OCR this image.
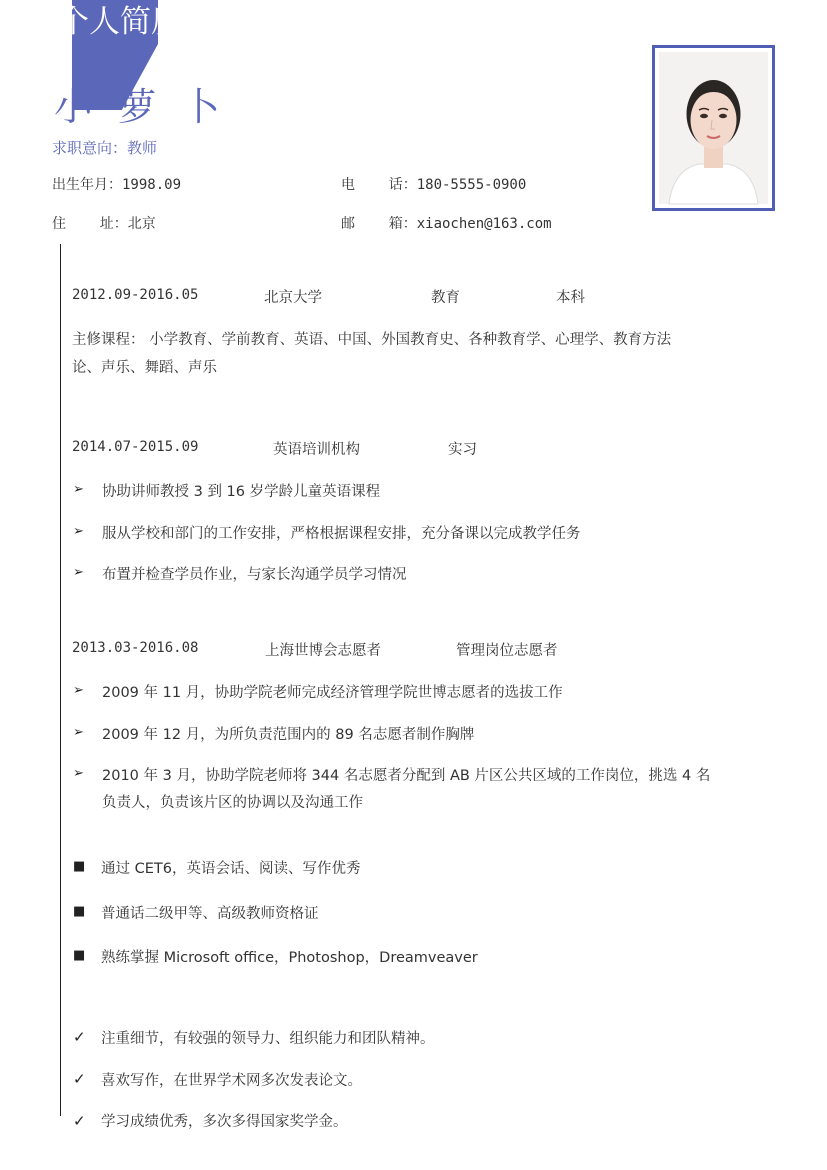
个人简历
小萝卜
求职意向：教师
出生年月：1998.09	电    话：180-5555-0900
住    址：北京	邮    箱：xiaochen@163.com
2012.09-2016.05	北京大学	教育	本科
主修课程： 小学教育、学前教育、英语、中国、外国教育史、各种教育学、心理学、教育方法
论、声乐、舞蹈、声乐
2014.07-2015.09	英语培训机构	实习
➢ 协助讲师教授 3 到 16 岁学龄儿童英语课程
➢ 服从学校和部门的工作安排，严格根据课程安排，充分备课以完成教学任务
➢ 布置并检查学员作业，与家长沟通学员学习情况
2013.03-2016.08	上海世博会志愿者	管理岗位志愿者
➢ 2009 年 11 月，协助学院老师完成经济管理学院世博志愿者的选拔工作
➢ 2009 年 12 月，为所负责范围内的 89 名志愿者制作胸牌
➢ 2010 年 3 月，协助学院老师将 344 名志愿者分配到 AB 片区公共区域的工作岗位，挑选 4 名
负责人，负责该片区的协调以及沟通工作
■ 通过 CET6，英语会话、阅读、写作优秀
■ 普通话二级甲等、高级教师资格证
■ 熟练掌握 Microsoft office，Photoshop，Dreamveaver
✓ 注重细节，有较强的领导力、组织能力和团队精神。
✓ 喜欢写作，在世界学术网多次发表论文。
✓ 学习成绩优秀，多次多得国家奖学金。
